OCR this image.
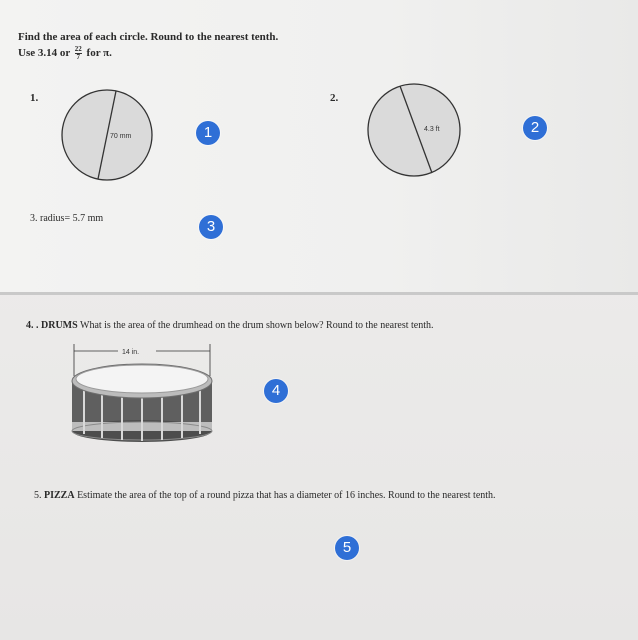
Find the area of each circle. Round to the nearest tenth.
Use 3.14 or $\frac{22}{7}$ for π.
1.
70 mm	1
2.
4.3 ft	2
3. radius= 5.7 mm	3
4. . DRUMS What is the area of the drumhead on the drum shown below? Round to the nearest tenth.
14 in.
4
5. PIZZA Estimate the area of the top of a round pizza that has a diameter of 16 inches. Round to the nearest tenth.
5
